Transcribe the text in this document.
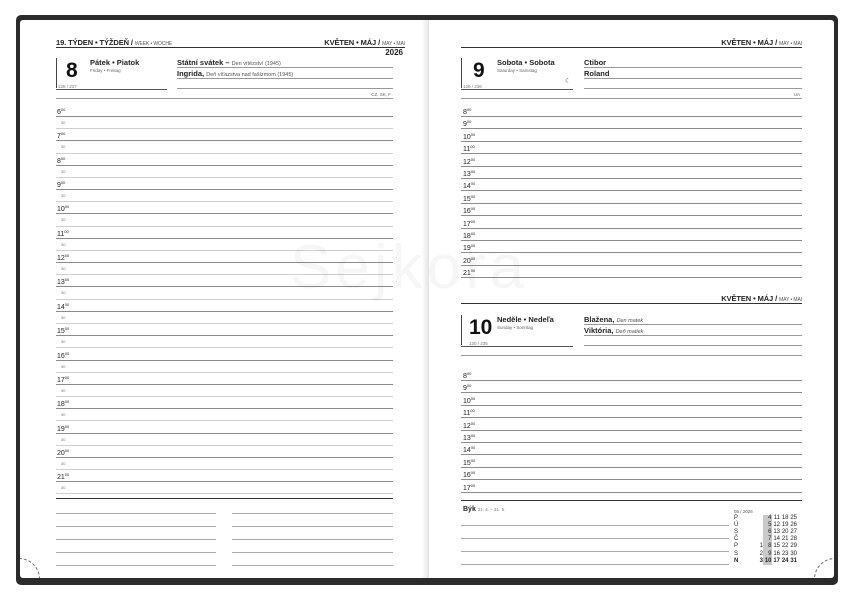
19. TÝDEN • TÝŽDEŇ / WEEK • WOCHE	KVĚTEN • MÁJ / MAY • MAI
2026
8 Pátek • Piatok
Friday • Freitag
128 / 237
Státní svátek – Den vítězství (1945)
Ingrida, Deň víťazstva nad fašizmom (1945)
CZ, SK, F
$6^{00}$
30
$7^{00}$
30
$8^{00}$
30
$9^{00}$
30
$10^{00}$
30
$11^{00}$
30
$12^{00}$
30
$13^{00}$
30
$14^{00}$
30
$15^{00}$
30
$16^{00}$
30
$17^{00}$
30
$18^{00}$
30
$19^{00}$
30
$20^{00}$
30
$21^{00}$
30
KVĚTEN • MÁJ / MAY • MAI
9 Sobota • Sobota
Saturday • Samstag
☾
129 / 236
Ctibor
Roland
UA
KVĚTEN • MÁJ / MAY • MAI
10 Neděle • Nedeľa
Sunday • Sonntag
130 / 235
Blažena, Den matek
Viktória, Deň matiek
Býk 21. 4. – 21. 5.	05 / 2026
P	4 11 18 25
Ú	5 12 19 26
S	6 13 20 27
Č	7 14 21 28
P	1 8 15 22 29
S	2 9 16 23 30
N	3 10 17 24 31
$8^{00}$
$9^{00}$
$10^{00}$
$11^{00}$
$12^{00}$
$13^{00}$
$14^{00}$
$15^{00}$
$16^{00}$
$17^{00}$
$18^{00}$
$19^{00}$
$20^{00}$
$21^{00}$
$8^{00}$
$9^{00}$
$10^{00}$
$11^{00}$
$12^{00}$
$13^{00}$
$14^{00}$
$15^{00}$
$16^{00}$
$17^{00}$
